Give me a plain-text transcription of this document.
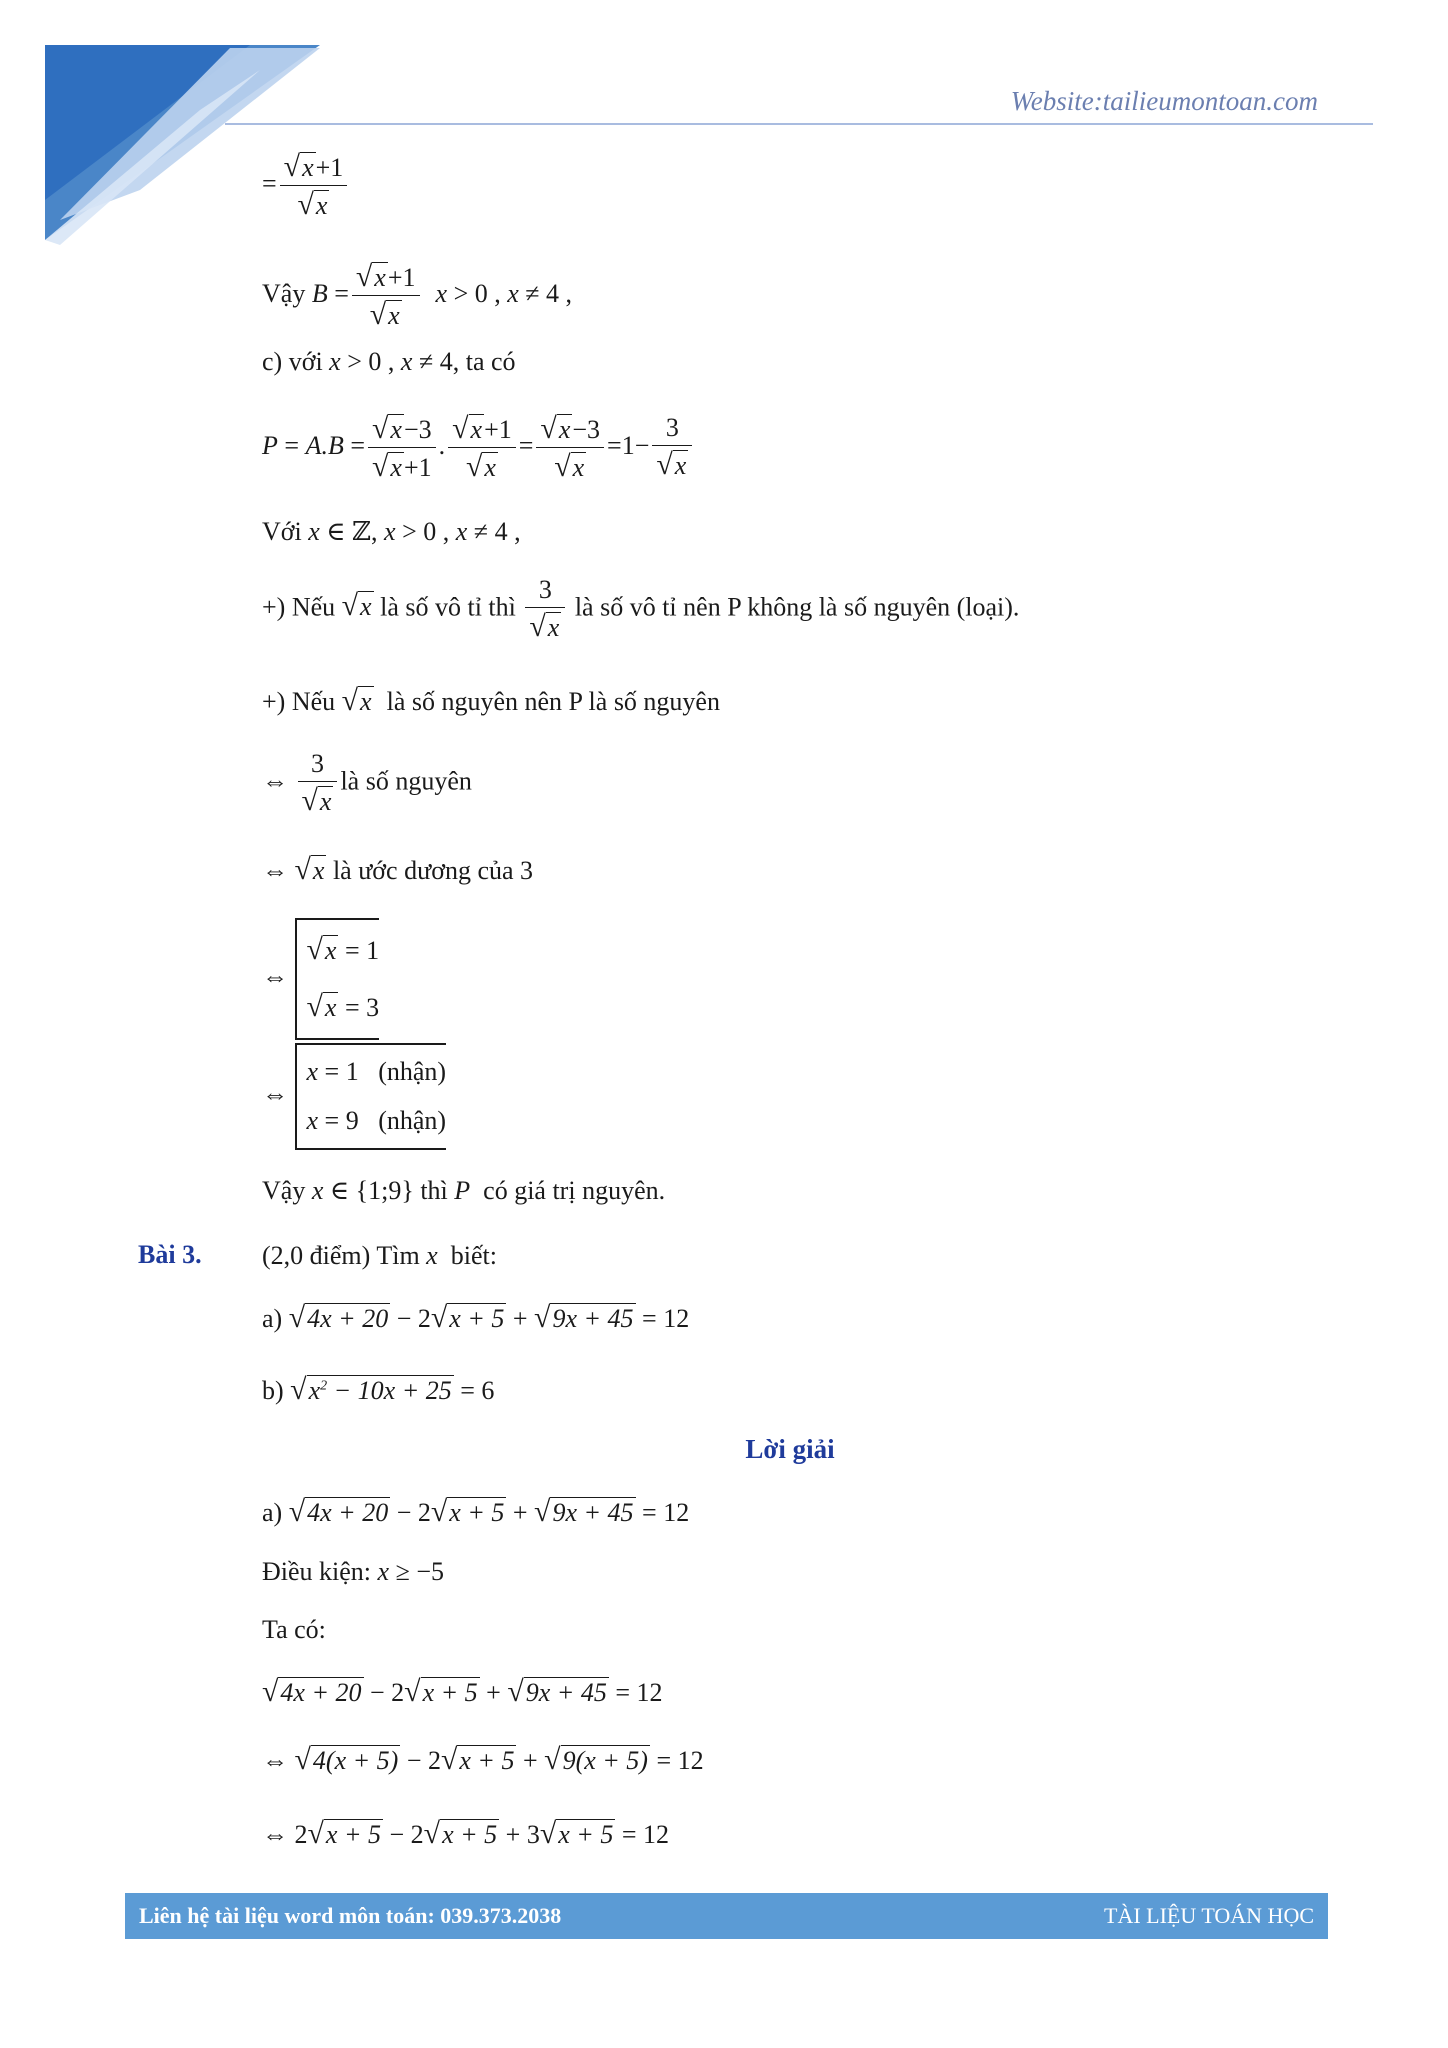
Website:tailieumontoan.com
= $\frac{√x+1}{√x}$
Vậy $B = \frac{√x+1}{√x}$ x > 0 , x ≠ 4 ,
c) với x > 0 , x ≠ 4, ta có
$P = A.B = \frac{√x-3}{√x+1}$ . $\frac{√x+1}{√x} = \frac{√x-3}{√x} =1- \frac{3}{√x}$
Với x ∈ ℤ, x > 0 , x ≠ 4 ,
+) Nếu √x là số vô tỉ thì $\frac{3}{√x}$ là số vô tỉ nên P không là số nguyên (loại).
+) Nếu √x là số nguyên nên P là số nguyên
⇔ $\frac{3}{√x}$ là số nguyên
⇔ √x là ước dương của 3
⇔
√x = 1
√x = 3
⇔
x = 1   (nhận)
x = 9   (nhận)
Vậy x ∈ {1;9} thì P có giá trị nguyên.
Bài 3. (2,0 điểm) Tìm x biết:
a) √4x + 20 − 2√x + 5 + √9x + 45 = 12
b) $√x^2 - 10x + 25 = 6$
Lời giải
a) √4x + 20 − 2√x + 5 + √9x + 45 = 12
Điều kiện: x ≥ −5
Ta có:
√4x + 20 − 2√x + 5 + √9x + 45 = 12
⇔ √4(x + 5) − 2√x + 5 + √9(x + 5) = 12
⇔ 2√x + 5 − 2√x + 5 + 3√x + 5 = 12
Liên hệ tài liệu word môn toán: 039.373.2038	TÀI LIỆU TOÁN HỌC
